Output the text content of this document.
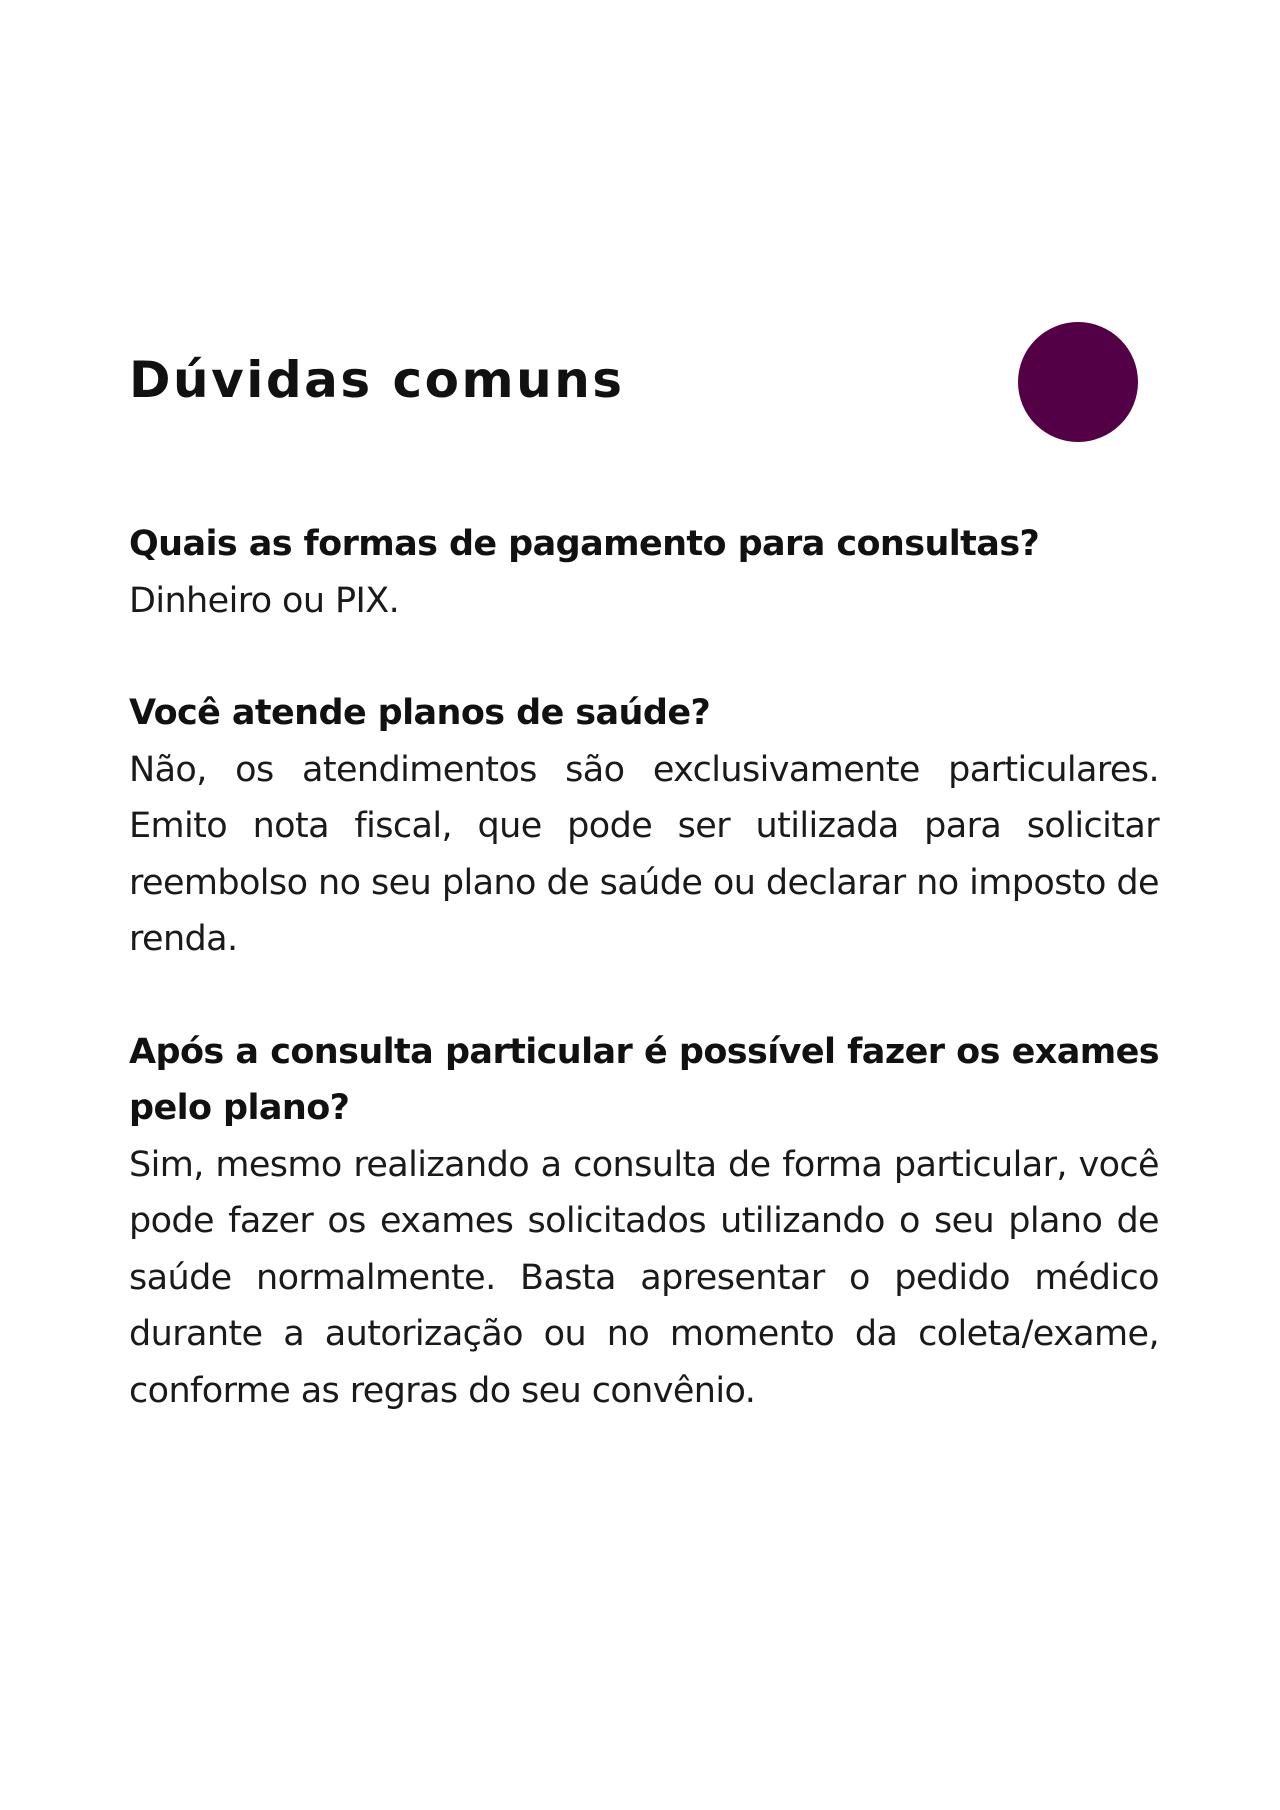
Dúvidas comuns

Quais as formas de pagamento para consultas?

Dinheiro ou PIX.

Você atende planos de saúde?

Não, os atendimentos são exclusivamente particulares. Emito nota fiscal, que pode ser utilizada para solicitar reembolso no seu plano de saúde ou declarar no imposto de renda.

Após a consulta particular é possível fazer os exames pelo plano?

Sim, mesmo realizando a consulta de forma particular, você pode fazer os exames solicitados utilizando o seu plano de saúde normalmente. Basta apresentar o pedido médico durante a autorização ou no momento da coleta/exame, conforme as regras do seu convênio.
